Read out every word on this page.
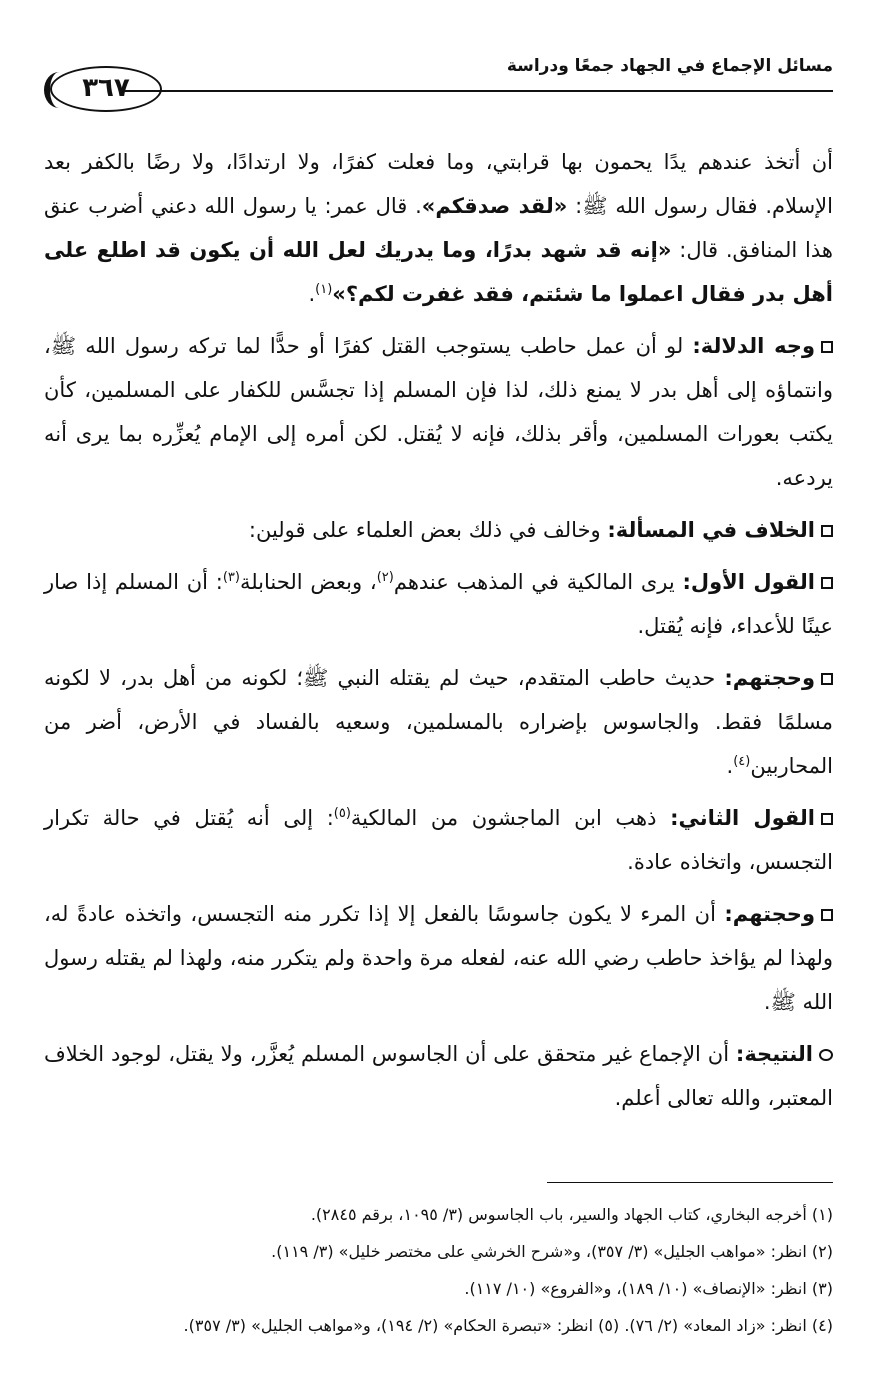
مسائل الإجماع في الجهاد جمعًا ودراسة
٣٦٧

أن أتخذ عندهم يدًا يحمون بها قرابتي، وما فعلت كفرًا، ولا ارتدادًا، ولا رضًا بالكفر بعد الإسلام. فقال رسول الله ﷺ: «لقد صدقكم». قال عمر: يا رسول الله دعني أضرب عنق هذا المنافق. قال: «إنه قد شهد بدرًا، وما يدريك لعل الله أن يكون قد اطلع على أهل بدر فقال اعملوا ما شئتم، فقد غفرت لكم؟»$^{(١)}$.

وجه الدلالة: لو أن عمل حاطب يستوجب القتل كفرًا أو حدًّا لما تركه رسول الله ﷺ، وانتماؤه إلى أهل بدر لا يمنع ذلك، لذا فإن المسلم إذا تجسَّس للكفار على المسلمين، كأن يكتب بعورات المسلمين، وأقر بذلك، فإنه لا يُقتل. لكن أمره إلى الإمام يُعزِّره بما يرى أنه يردعه.

الخلاف في المسألة: وخالف في ذلك بعض العلماء على قولين:

القول الأول: يرى المالكية في المذهب عندهم$^{(٢)}$، وبعض الحنابلة$^{(٣)}$: أن المسلم إذا صار عينًا للأعداء، فإنه يُقتل.

وحجتهم: حديث حاطب المتقدم، حيث لم يقتله النبي ﷺ؛ لكونه من أهل بدر، لا لكونه مسلمًا فقط. والجاسوس بإضراره بالمسلمين، وسعيه بالفساد في الأرض، أضر من المحاربين$^{(٤)}$.

القول الثاني: ذهب ابن الماجشون من المالكية$^{(٥)}$: إلى أنه يُقتل في حالة تكرار التجسس، واتخاذه عادة.

وحجتهم: أن المرء لا يكون جاسوسًا بالفعل إلا إذا تكرر منه التجسس، واتخذه عادةً له، ولهذا لم يؤاخذ حاطب رضي الله عنه، لفعله مرة واحدة ولم يتكرر منه، ولهذا لم يقتله رسول الله ﷺ.

النتيجة: أن الإجماع غير متحقق على أن الجاسوس المسلم يُعزَّر، ولا يقتل، لوجود الخلاف المعتبر، والله تعالى أعلم.

(١) أخرجه البخاري، كتاب الجهاد والسير، باب الجاسوس (٣/ ١٠٩٥، برقم ٢٨٤٥).
(٢) انظر: «مواهب الجليل» (٣/ ٣٥٧)، و«شرح الخرشي على مختصر خليل» (٣/ ١١٩).
(٣) انظر: «الإنصاف» (١٠/ ١٨٩)، و«الفروع» (١٠/ ١١٧).
(٤) انظر: «زاد المعاد» (٢/ ٧٦). (٥) انظر: «تبصرة الحكام» (٢/ ١٩٤)، و«مواهب الجليل» (٣/ ٣٥٧).
